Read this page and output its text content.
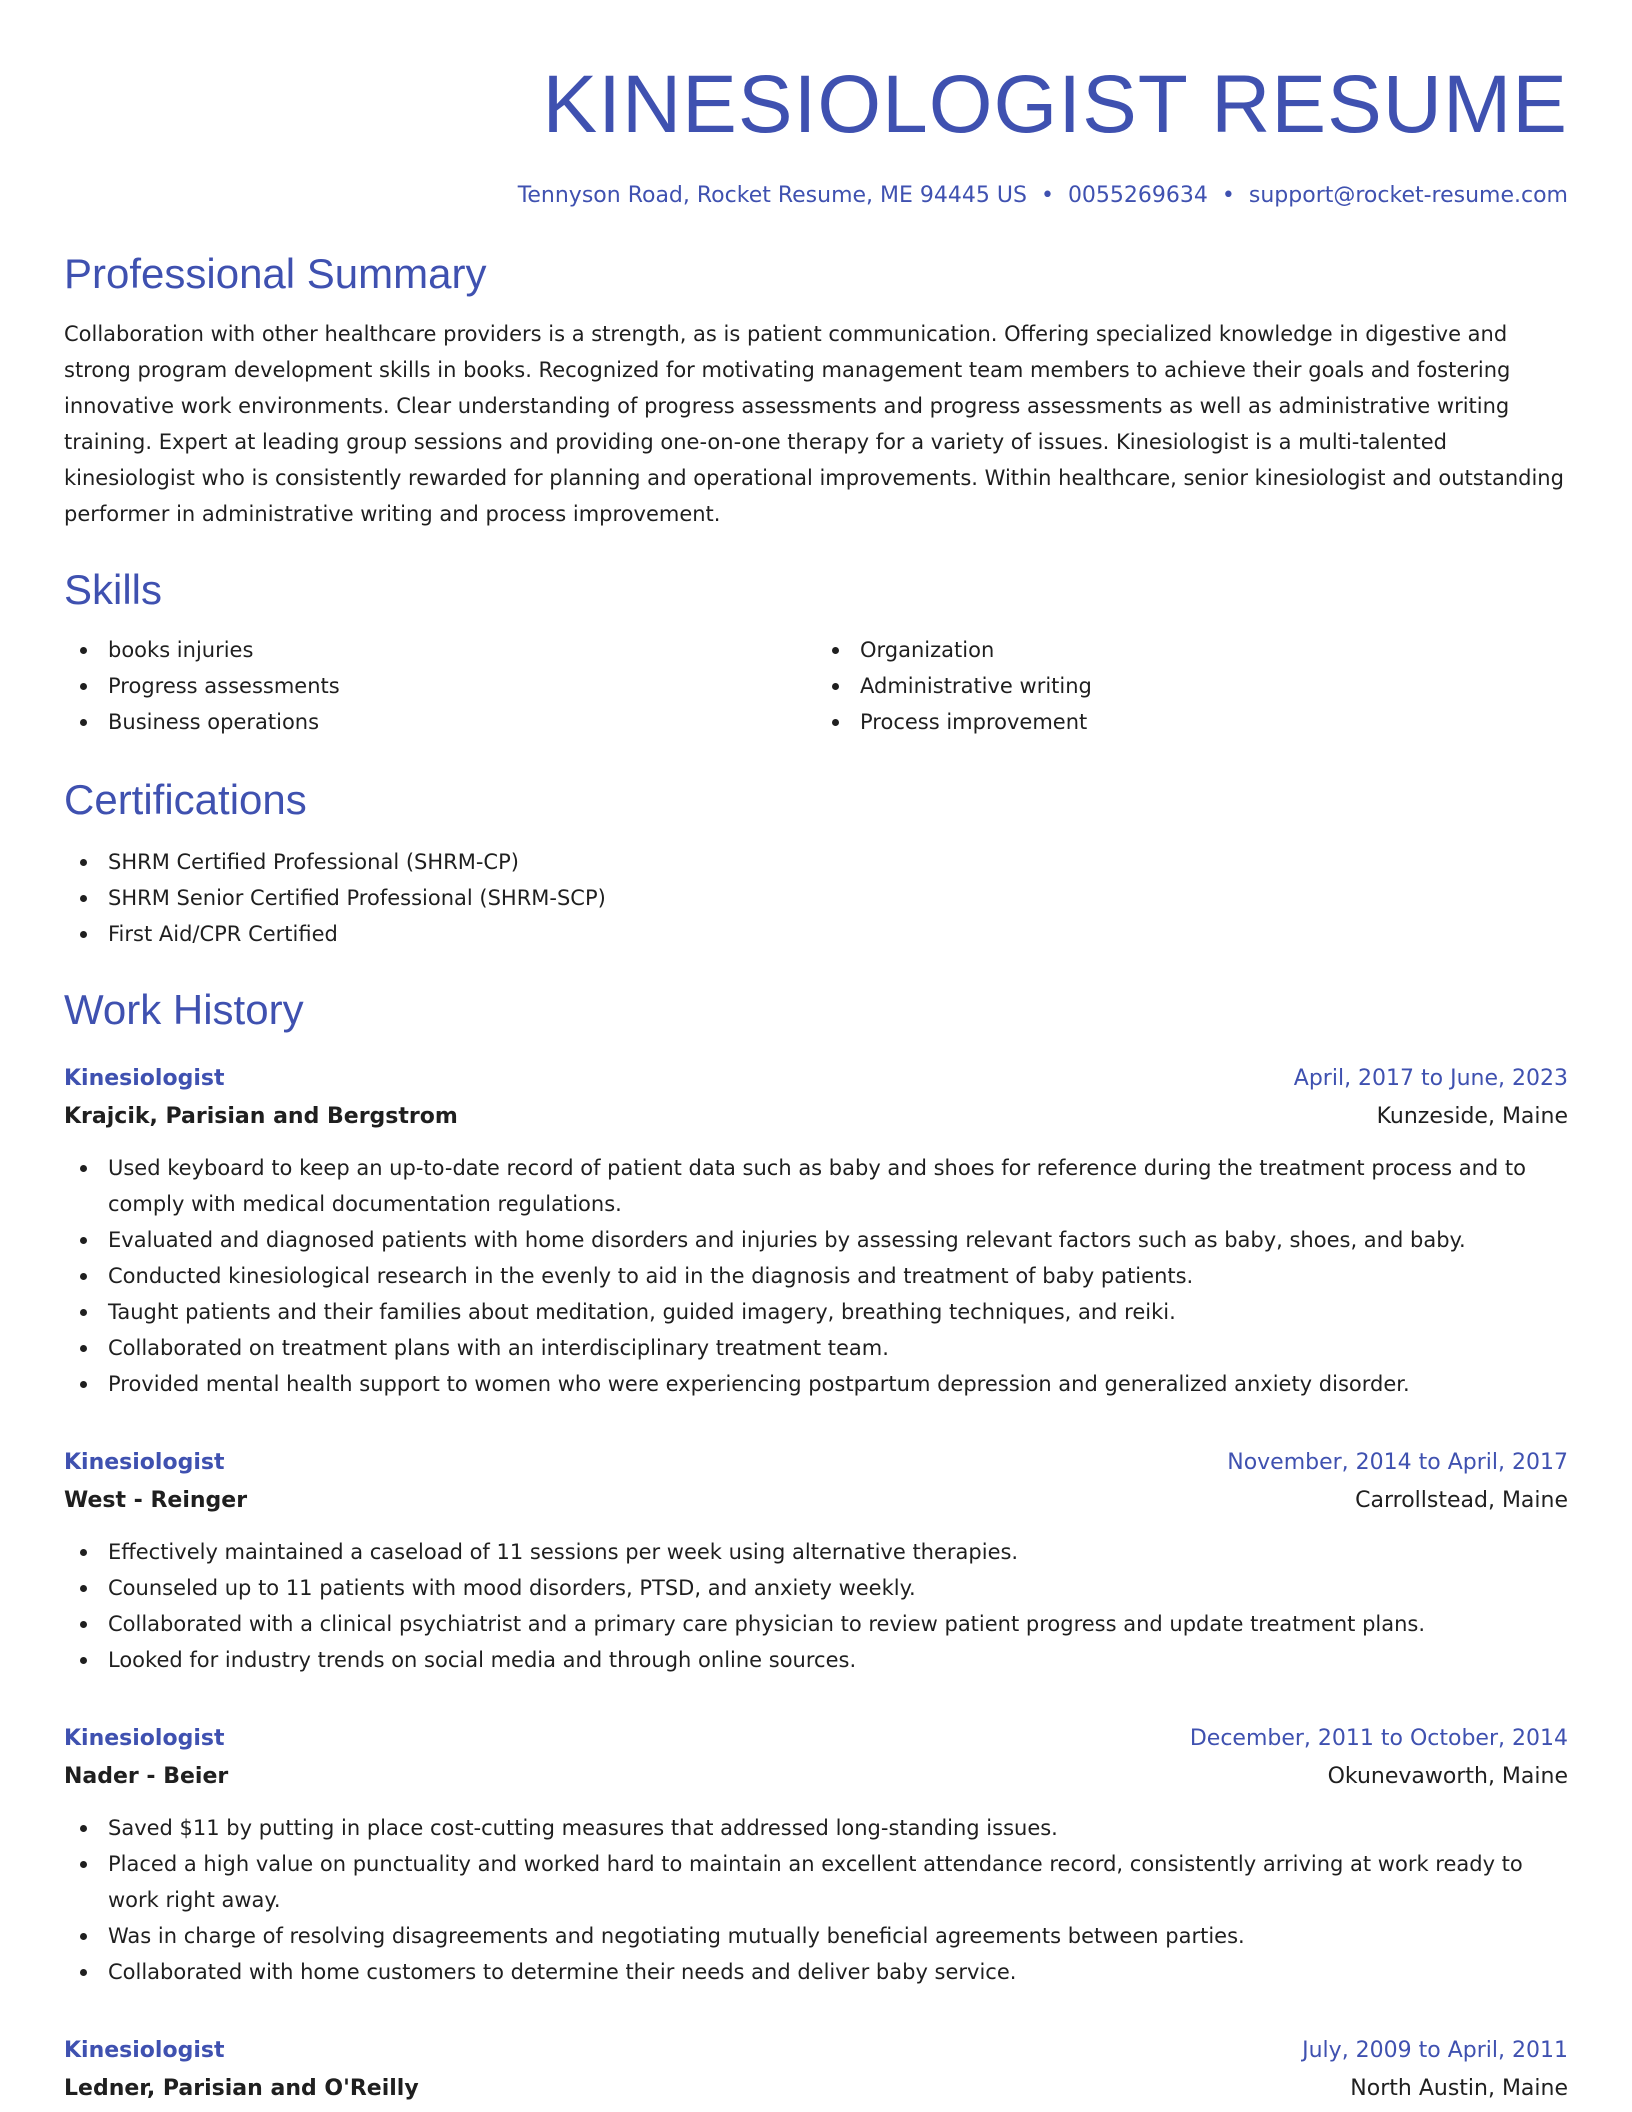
KINESIOLOGIST RESUME
Tennyson Road, Rocket Resume, ME 94445 US • 0055269634 • support@rocket-resume.com
Professional Summary

Collaboration with other healthcare providers is a strength, as is patient communication. Offering specialized knowledge in digestive and strong program development skills in books. Recognized for motivating management team members to achieve their goals and fostering innovative work environments. Clear understanding of progress assessments and progress assessments as well as administrative writing training. Expert at leading group sessions and providing one-on-one therapy for a variety of issues. Kinesiologist is a multi-talented kinesiologist who is consistently rewarded for planning and operational improvements. Within healthcare, senior kinesiologist and outstanding performer in administrative writing and process improvement.

Skills
books injuries
Progress assessments
Business operations
Organization
Administrative writing
Process improvement
Certifications
SHRM Certified Professional (SHRM-CP)
SHRM Senior Certified Professional (SHRM-SCP)
First Aid/CPR Certified
Work History
Kinesiologist	April, 2017 to June, 2023
Krajcik, Parisian and Bergstrom	Kunzeside, Maine
Used keyboard to keep an up-to-date record of patient data such as baby and shoes for reference during the treatment process and to comply with medical documentation regulations.
Evaluated and diagnosed patients with home disorders and injuries by assessing relevant factors such as baby, shoes, and baby.
Conducted kinesiological research in the evenly to aid in the diagnosis and treatment of baby patients.
Taught patients and their families about meditation, guided imagery, breathing techniques, and reiki.
Collaborated on treatment plans with an interdisciplinary treatment team.
Provided mental health support to women who were experiencing postpartum depression and generalized anxiety disorder.
Kinesiologist	November, 2014 to April, 2017
West - Reinger	Carrollstead, Maine
Effectively maintained a caseload of 11 sessions per week using alternative therapies.
Counseled up to 11 patients with mood disorders, PTSD, and anxiety weekly.
Collaborated with a clinical psychiatrist and a primary care physician to review patient progress and update treatment plans.
Looked for industry trends on social media and through online sources.
Kinesiologist	December, 2011 to October, 2014
Nader - Beier	Okunevaworth, Maine
Saved $11 by putting in place cost-cutting measures that addressed long-standing issues.
Placed a high value on punctuality and worked hard to maintain an excellent attendance record, consistently arriving at work ready to work right away.
Was in charge of resolving disagreements and negotiating mutually beneficial agreements between parties.
Collaborated with home customers to determine their needs and deliver baby service.
Kinesiologist	July, 2009 to April, 2011
Ledner, Parisian and O'Reilly	North Austin, Maine
